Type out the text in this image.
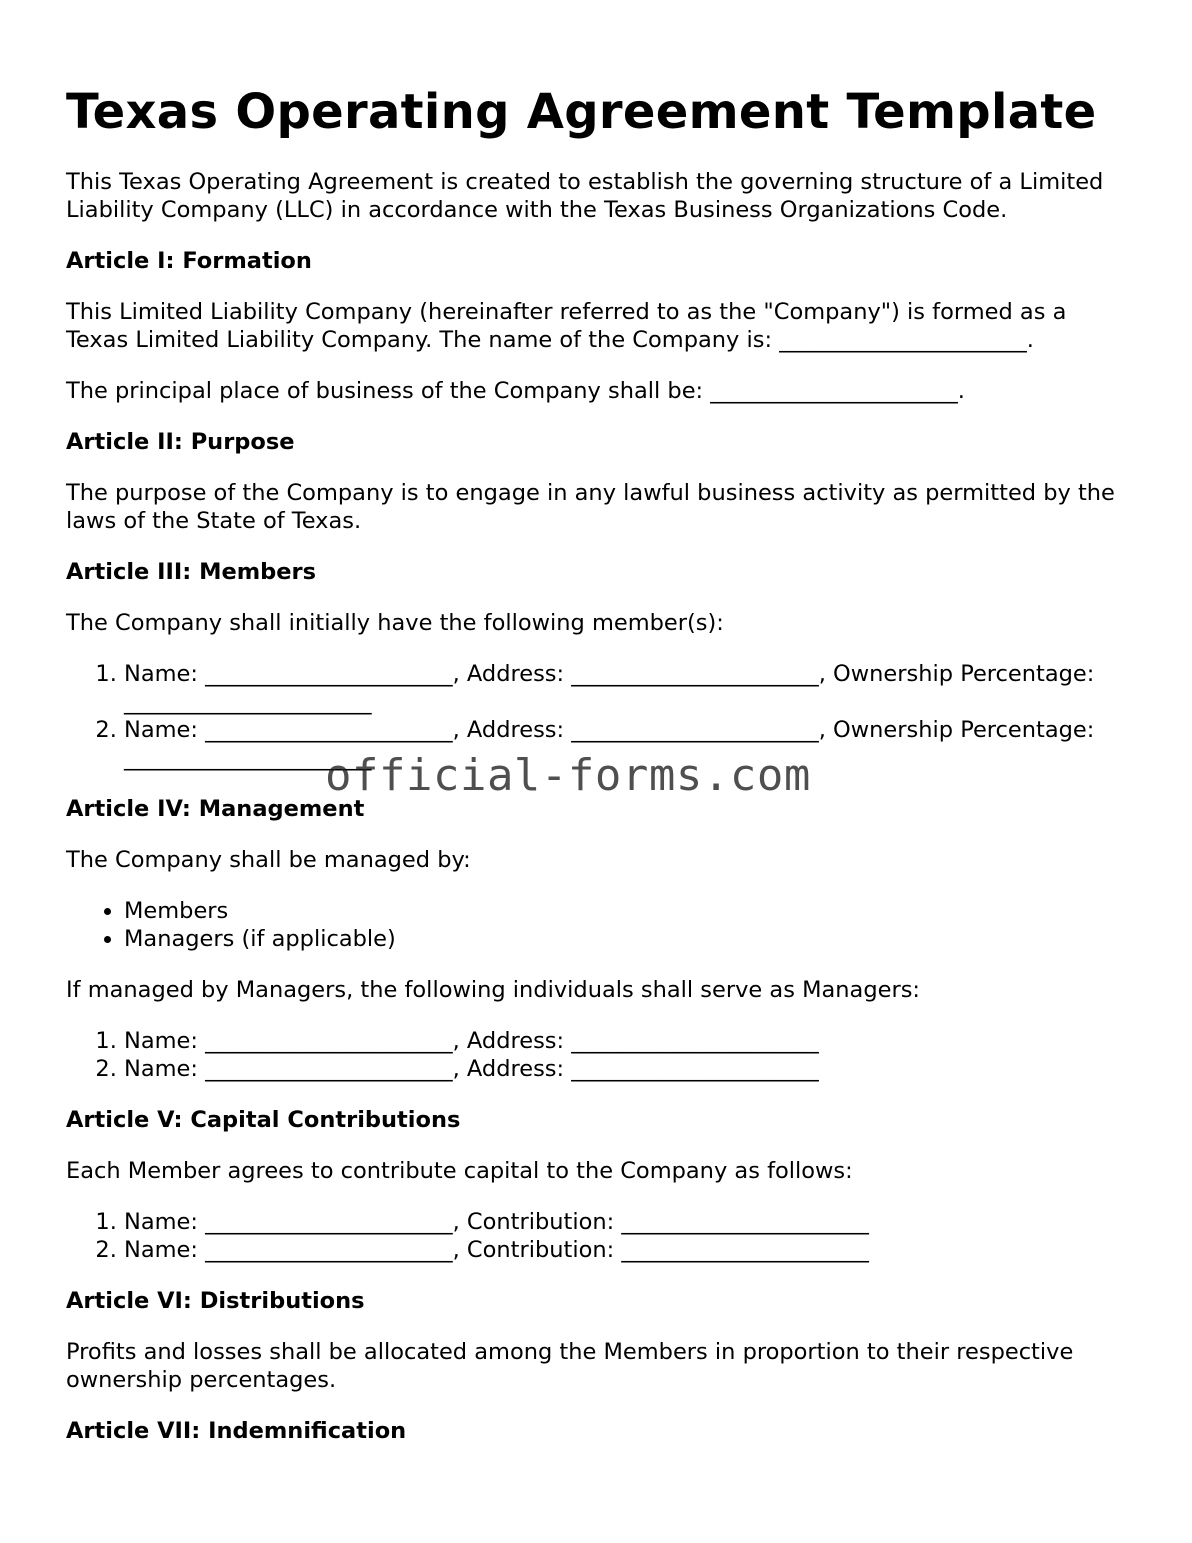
Texas Operating Agreement Template

This Texas Operating Agreement is created to establish the governing structure of a Limited Liability Company (LLC) in accordance with the Texas Business Organizations Code.

Article I: Formation

This Limited Liability Company (hereinafter referred to as the "Company") is formed as a Texas Limited Liability Company. The name of the Company is: ______________________.

The principal place of business of the Company shall be: ______________________.

Article II: Purpose

The purpose of the Company is to engage in any lawful business activity as permitted by the laws of the State of Texas.

Article III: Members

The Company shall initially have the following member(s):

1. Name: ______________________, Address: ______________________, Ownership Percentage: ______________________
2. Name: ______________________, Address: ______________________, Ownership Percentage: ______________________
Article IV: Management

The Company shall be managed by:

• Members
• Managers (if applicable)

If managed by Managers, the following individuals shall serve as Managers:

1. Name: ______________________, Address: ______________________
2. Name: ______________________, Address: ______________________
Article V: Capital Contributions

Each Member agrees to contribute capital to the Company as follows:

1. Name: ______________________, Contribution: ______________________
2. Name: ______________________, Contribution: ______________________
Article VI: Distributions

Profits and losses shall be allocated among the Members in proportion to their respective ownership percentages.

Article VII: Indemnification
official-forms.com
